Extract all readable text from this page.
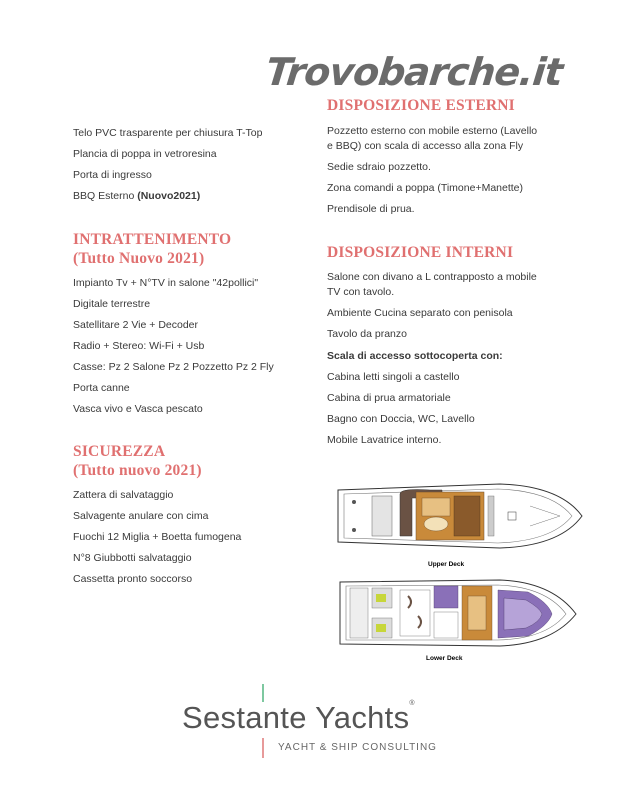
Trovobarche.it
Telo PVC trasparente per chiusura T-Top
Plancia di poppa in vetroresina
Porta di ingresso
BBQ Esterno (Nuovo2021)
INTRATTENIMENTO
(Tutto Nuovo 2021)
Impianto Tv + N°TV in salone "42pollici"
Digitale terrestre
Satellitare 2 Vie + Decoder
Radio + Stereo: Wi-Fi + Usb
Casse: Pz 2 Salone Pz 2 Pozzetto Pz 2 Fly
Porta canne
Vasca vivo e Vasca pescato
SICUREZZA
(Tutto nuovo 2021)
Zattera di salvataggio
Salvagente anulare con cima
Fuochi 12 Miglia + Boetta fumogena
N°8 Giubbotti salvataggio
Cassetta pronto soccorso
DISPOSIZIONE ESTERNI
Pozzetto esterno con mobile esterno (Lavello
e BBQ) con scala di accesso alla zona Fly
Sedie sdraio pozzetto.
Zona comandi a poppa (Timone+Manette)
Prendisole di prua.
DISPOSIZIONE INTERNI
Salone con divano a L contrapposto a mobile
TV con tavolo.
Ambiente Cucina separato con penisola
Tavolo da pranzo
Scala di accesso sottocoperta con:
Cabina letti singoli a castello
Cabina di prua armatoriale
Bagno con Doccia, WC, Lavello
Mobile Lavatrice interno.
Upper Deck
Lower Deck
Sestante Yachts®
YACHT & SHIP CONSULTING
